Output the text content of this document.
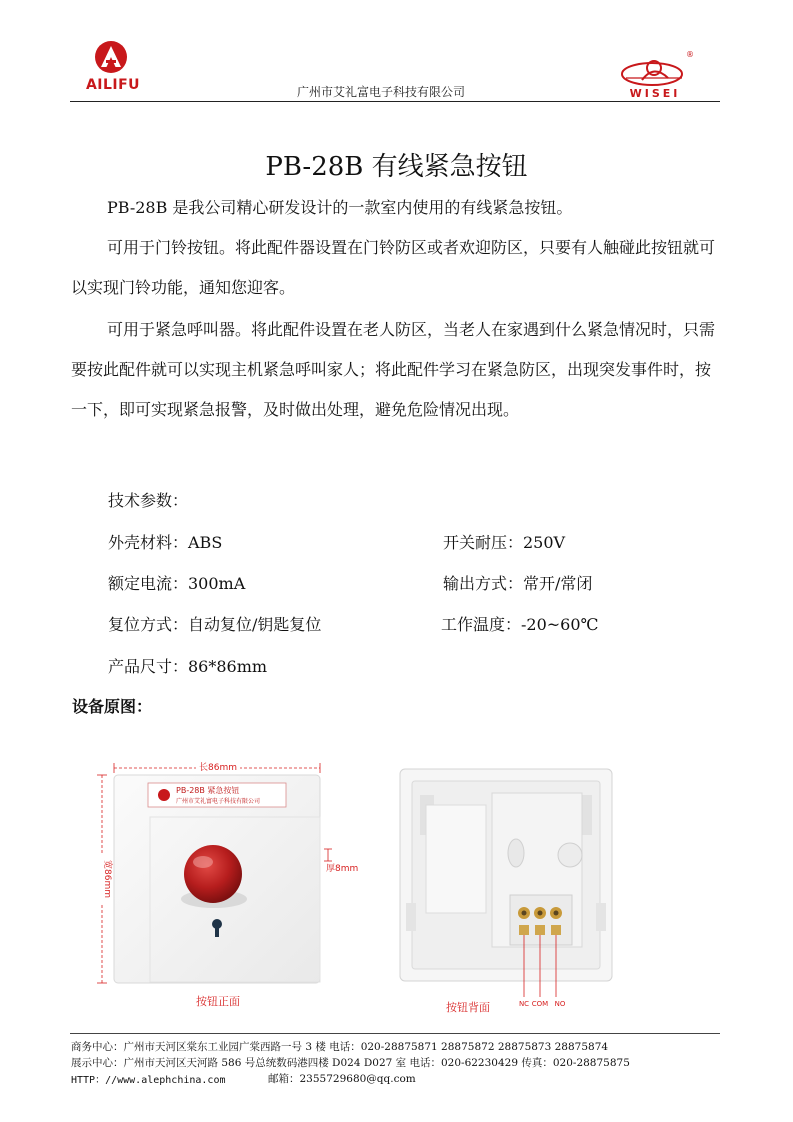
AILIFU	广州市艾礼富电子科技有限公司
®
WISEI
PB-28B 有线紧急按钮
PB-28B 是我公司精心研发设计的一款室内使用的有线紧急按钮。
可用于门铃按钮。将此配件器设置在门铃防区或者欢迎防区，只要有人触碰此按钮就可以实现门铃功能，通知您迎客。
可用于紧急呼叫器。将此配件设置在老人防区，当老人在家遇到什么紧急情况时，只需要按此配件就可以实现主机紧急呼叫家人；将此配件学习在紧急防区，出现突发事件时，按一下，即可实现紧急报警，及时做出处理，避免危险情况出现。
技术参数：
外壳材料：ABS	开关耐压：250V
额定电流：300mA	输出方式：常开/常闭
复位方式：自动复位/钥匙复位	工作温度：-20~60℃
产品尺寸：86*86mm
设备原图：
PB-28B 紧急按钮
广州市艾礼富电子科技有限公司
长86mm
宽86mm	厚8mm
按钮正面	NC COM NO
按钮背面
商务中心：广州市天河区棠东工业园广棠西路一号 3 楼 电话：020-28875871 28875872 28875873 28875874
展示中心：广州市天河区天河路 586 号总统数码港四楼 D024 D027 室 电话：020-62230429 传真：020-28875875
HTTP：//www.alephchina.com	邮箱：2355729680@qq.com
